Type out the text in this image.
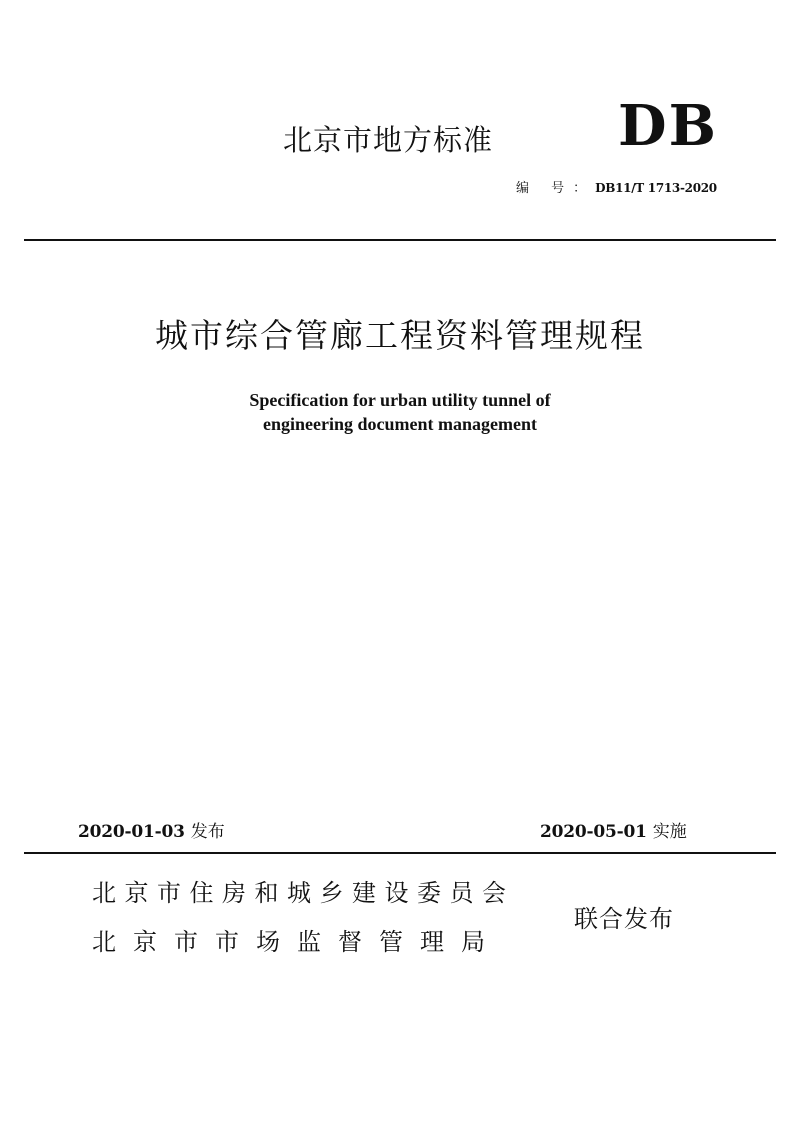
北京市地方标准 DB
编 号：DB11/T 1713-2020
城市综合管廊工程资料管理规程
Specification for urban utility tunnel of
engineering document management
2020-01-03 发布	2020-05-01 实施
北京市住房和城乡建设委员会
北京市市场监督管理局
联合发布
